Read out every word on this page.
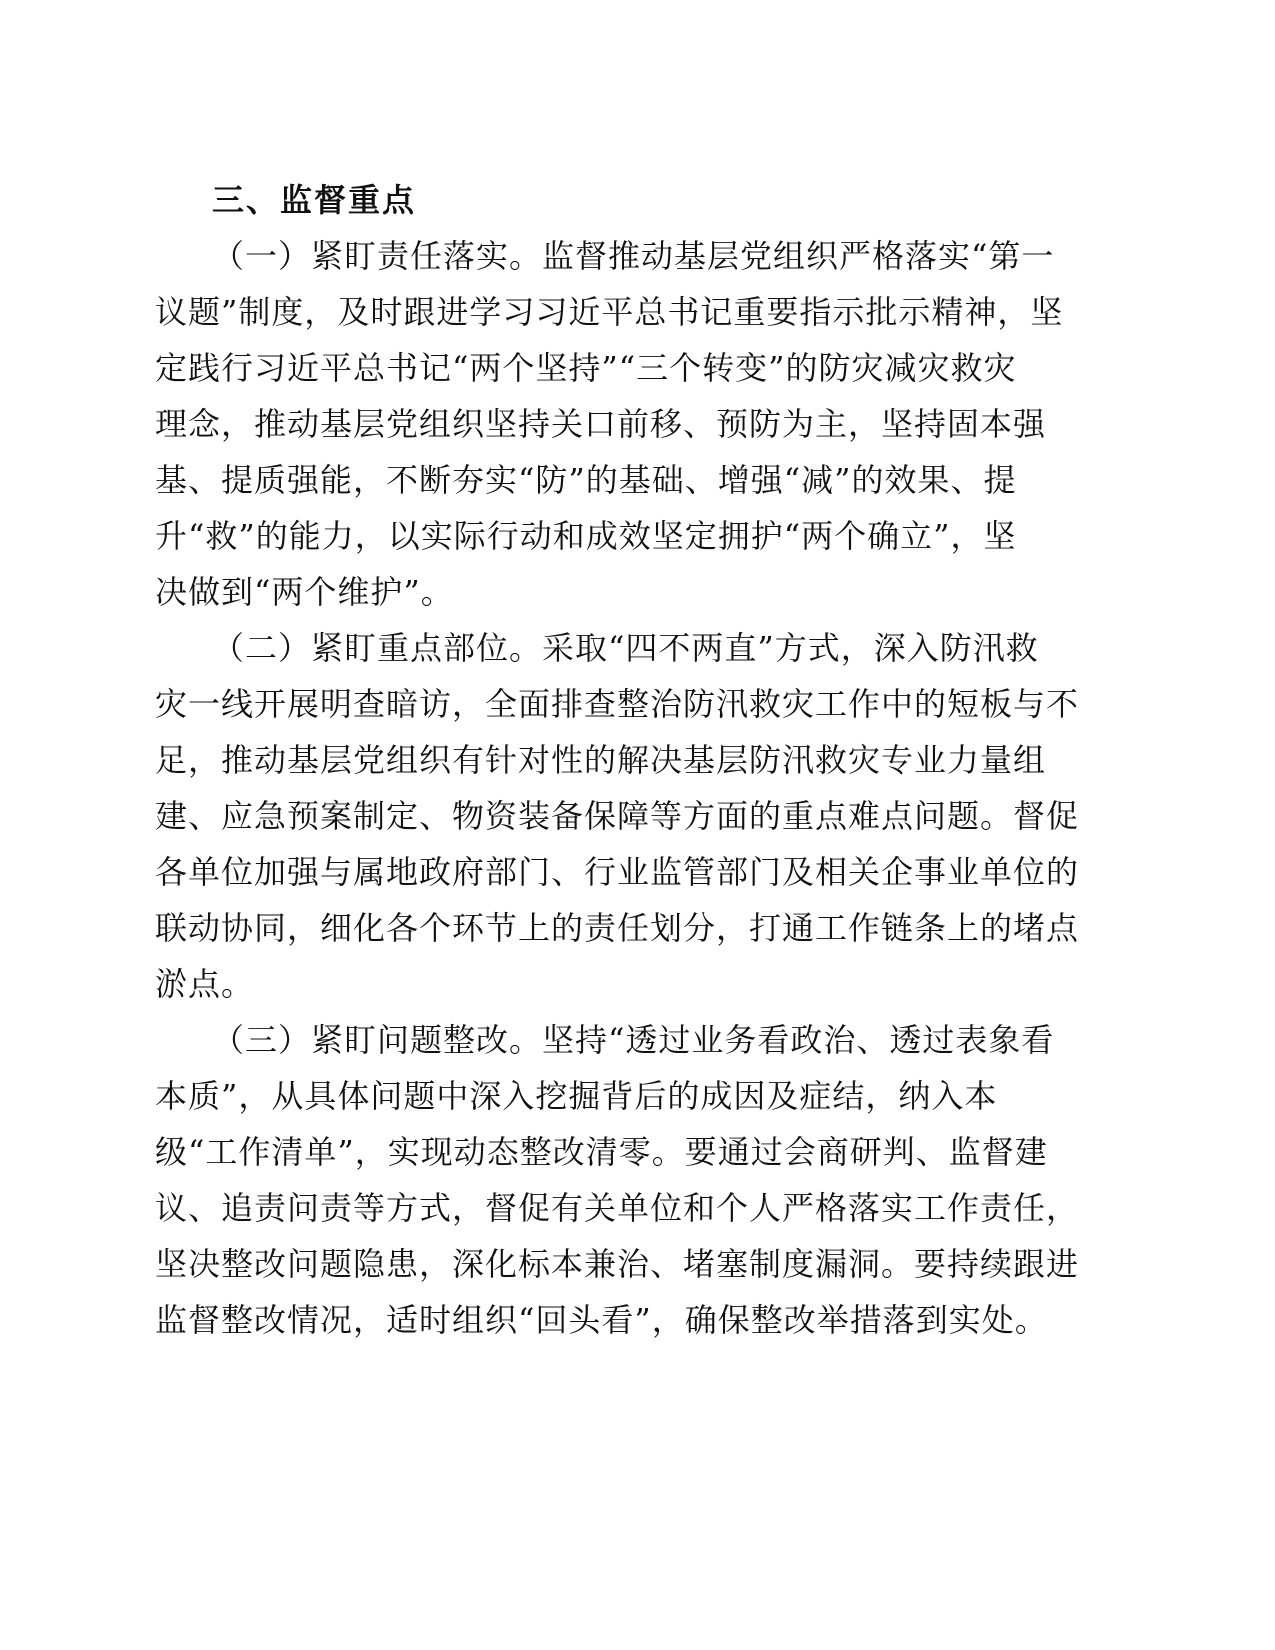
三、监督重点
（一）紧盯责任落实。监督推动基层党组织严格落实“第一
议题”制度，及时跟进学习习近平总书记重要指示批示精神，坚
定践行习近平总书记“两个坚持”“三个转变”的防灾减灾救灾
理念，推动基层党组织坚持关口前移、预防为主，坚持固本强
基、提质强能，不断夯实“防”的基础、增强“减”的效果、提
升“救”的能力，以实际行动和成效坚定拥护“两个确立”，坚
决做到“两个维护”。
（二）紧盯重点部位。采取“四不两直”方式，深入防汛救
灾一线开展明查暗访，全面排查整治防汛救灾工作中的短板与不
足，推动基层党组织有针对性的解决基层防汛救灾专业力量组
建、应急预案制定、物资装备保障等方面的重点难点问题。督促
各单位加强与属地政府部门、行业监管部门及相关企事业单位的
联动协同，细化各个环节上的责任划分，打通工作链条上的堵点
淤点。
（三）紧盯问题整改。坚持“透过业务看政治、透过表象看
本质”，从具体问题中深入挖掘背后的成因及症结，纳入本
级“工作清单”，实现动态整改清零。要通过会商研判、监督建
议、追责问责等方式，督促有关单位和个人严格落实工作责任，
坚决整改问题隐患，深化标本兼治、堵塞制度漏洞。要持续跟进
监督整改情况，适时组织“回头看”，确保整改举措落到实处。
